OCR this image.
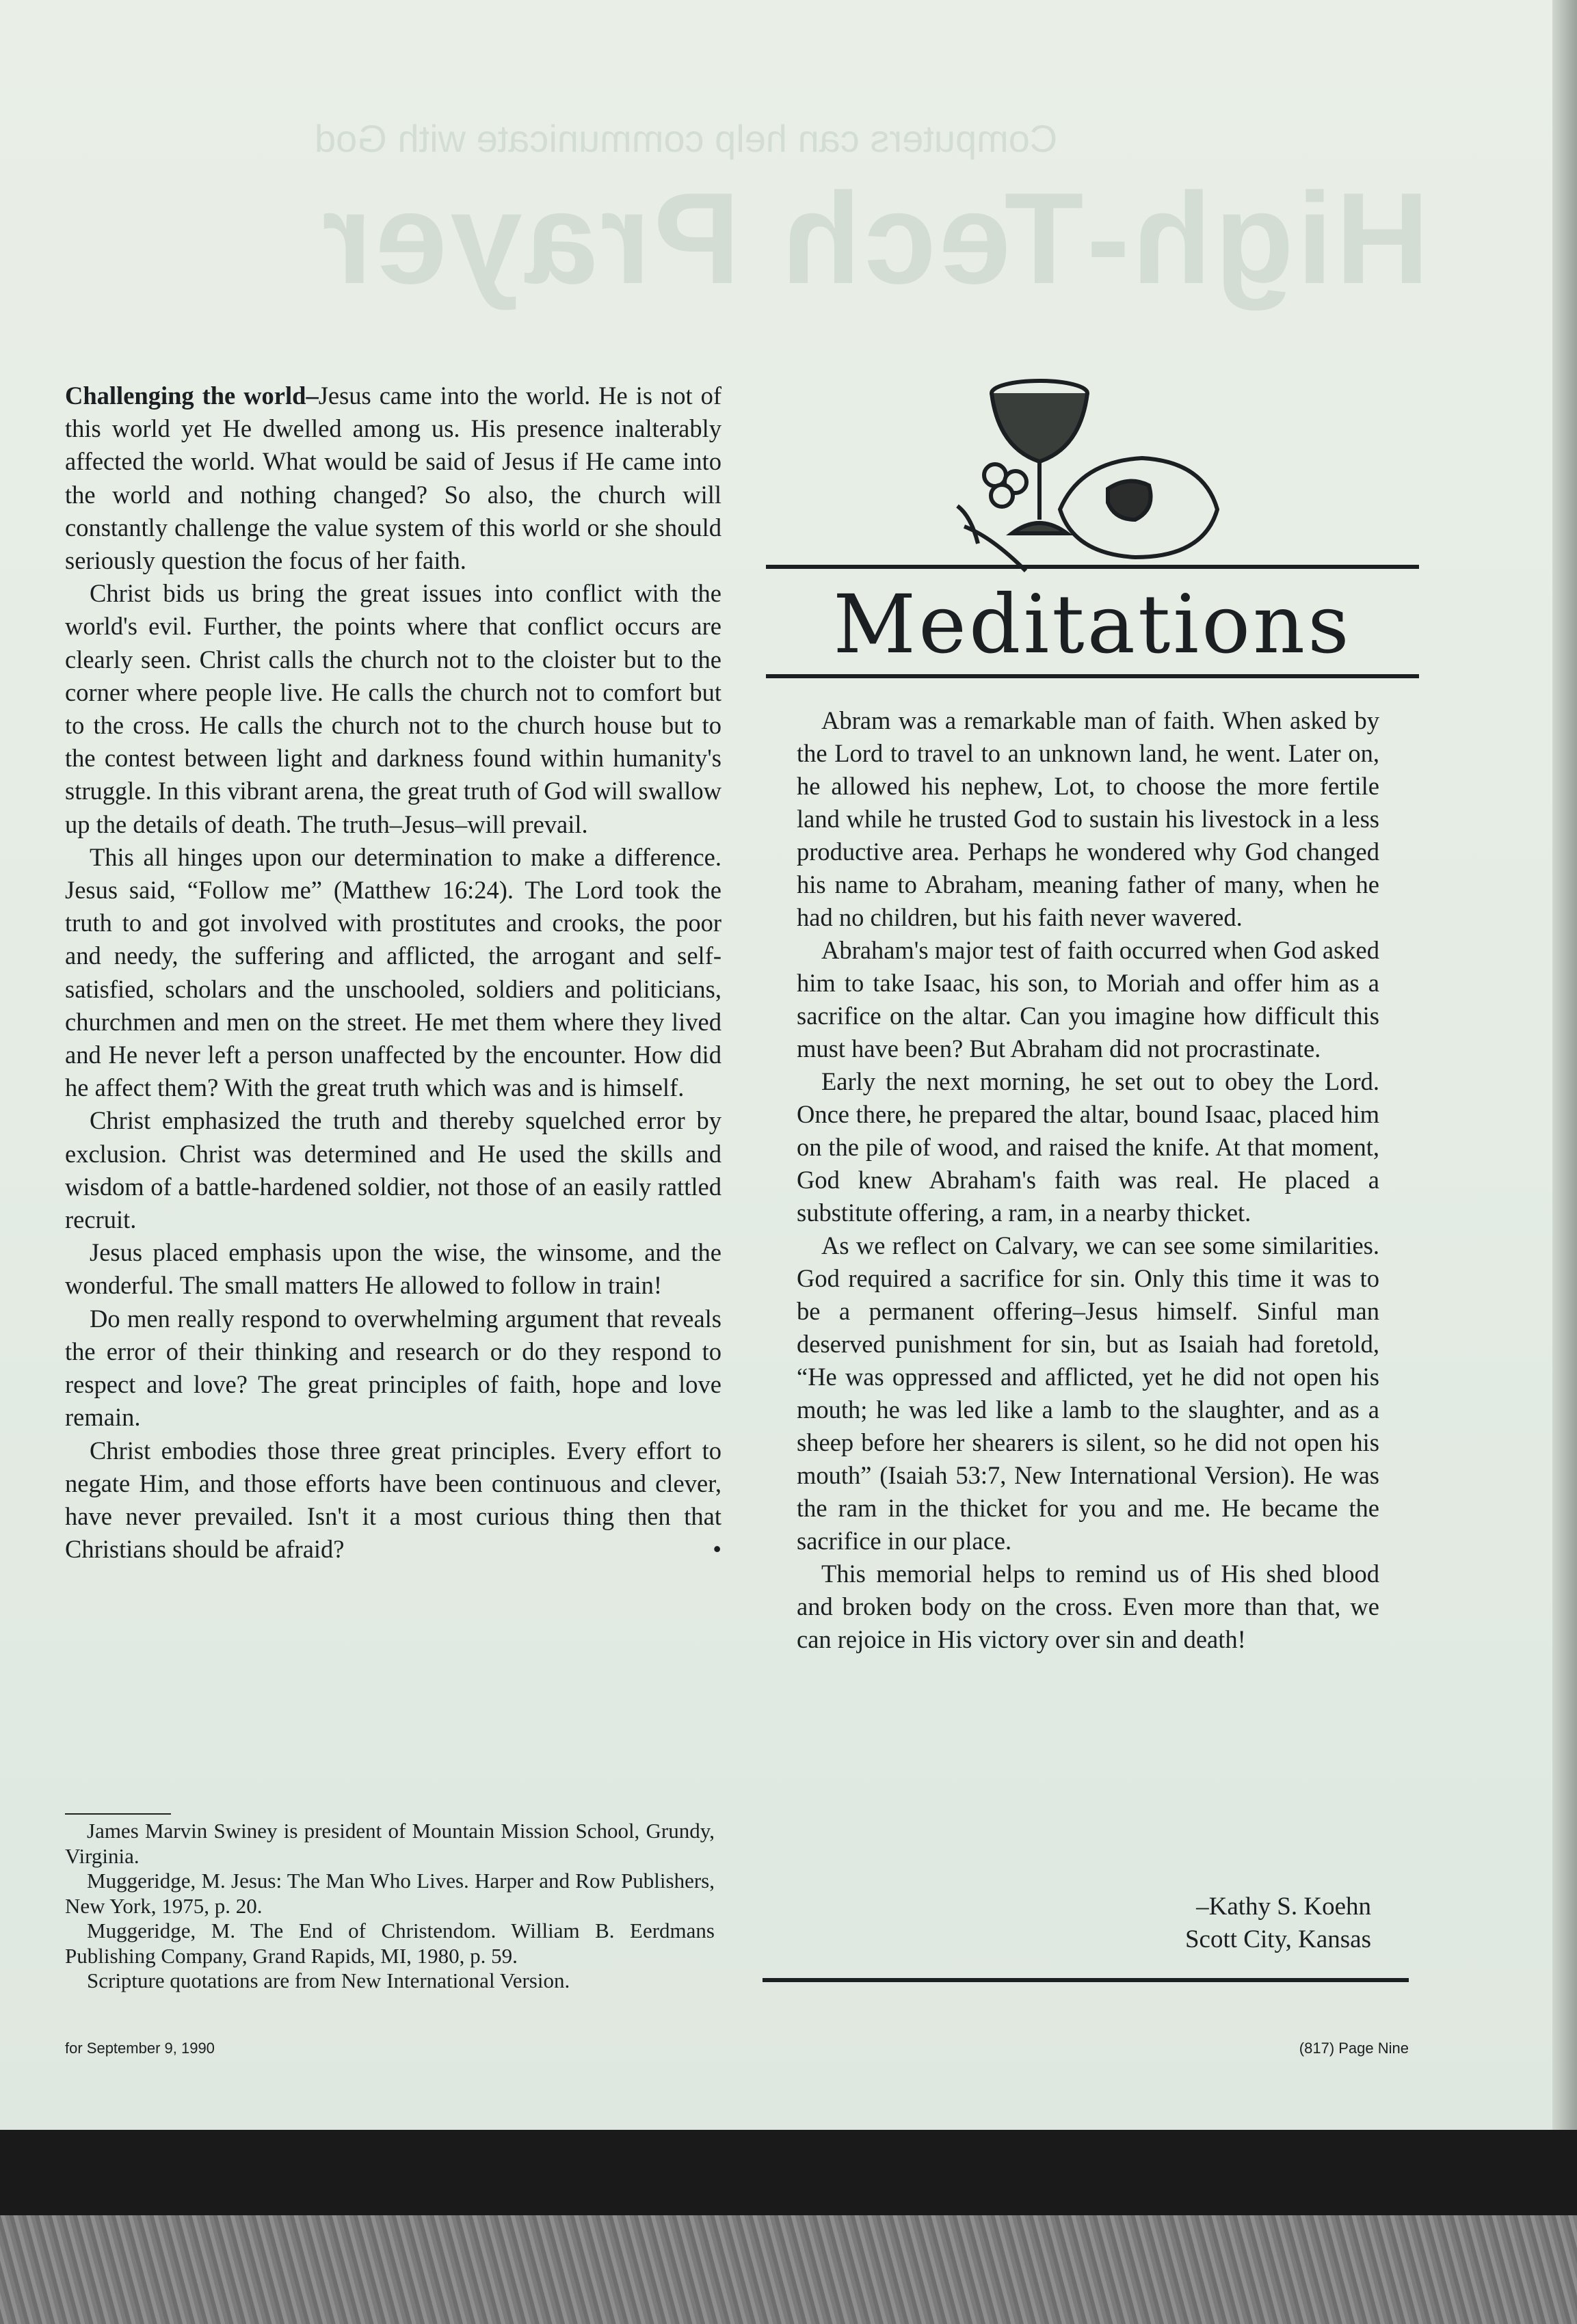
Computers can help communicate with God
High-Tech Prayer

Challenging the world–Jesus came into the world. He is not of this world yet He dwelled among us. His presence inalterably affected the world. What would be said of Jesus if He came into the world and nothing changed? So also, the church will constantly challenge the value system of this world or she should seriously question the focus of her faith.

Christ bids us bring the great issues into conflict with the world's evil. Further, the points where that conflict occurs are clearly seen. Christ calls the church not to the cloister but to the corner where people live. He calls the church not to comfort but to the cross. He calls the church not to the church house but to the contest between light and darkness found within humanity's struggle. In this vibrant arena, the great truth of God will swallow up the details of death. The truth–Jesus–will prevail.

This all hinges upon our determination to make a difference. Jesus said, “Follow me” (Matthew 16:24). The Lord took the truth to and got involved with prostitutes and crooks, the poor and needy, the suffering and afflicted, the arrogant and self-satisfied, scholars and the unschooled, soldiers and politicians, churchmen and men on the street. He met them where they lived and He never left a person unaffected by the encounter. How did he affect them? With the great truth which was and is himself.

Christ emphasized the truth and thereby squelched error by exclusion. Christ was determined and He used the skills and wisdom of a battle-hardened soldier, not those of an easily rattled recruit.

Jesus placed emphasis upon the wise, the winsome, and the wonderful. The small matters He allowed to follow in train!

Do men really respond to overwhelming argument that reveals the error of their thinking and research or do they respond to respect and love? The great principles of faith, hope and love remain.

Christ embodies those three great principles. Every effort to negate Him, and those efforts have been continuous and clever, have never prevailed. Isn't it a most curious thing then that Christians should be afraid?	•

James Marvin Swiney is president of Mountain Mission School, Grundy, Virginia.

Muggeridge, M. Jesus: The Man Who Lives. Harper and Row Publishers, New York, 1975, p. 20.

Muggeridge, M. The End of Christendom. William B. Eerdmans Publishing Company, Grand Rapids, MI, 1980, p. 59.

Scripture quotations are from New International Version.

Meditations

Abram was a remarkable man of faith. When asked by the Lord to travel to an unknown land, he went. Later on, he allowed his nephew, Lot, to choose the more fertile land while he trusted God to sustain his livestock in a less productive area. Perhaps he wondered why God changed his name to Abraham, meaning father of many, when he had no children, but his faith never wavered.

Abraham's major test of faith occurred when God asked him to take Isaac, his son, to Moriah and offer him as a sacrifice on the altar. Can you imagine how difficult this must have been? But Abraham did not procrastinate.

Early the next morning, he set out to obey the Lord. Once there, he prepared the altar, bound Isaac, placed him on the pile of wood, and raised the knife. At that moment, God knew Abraham's faith was real. He placed a substitute offering, a ram, in a nearby thicket.

As we reflect on Calvary, we can see some similarities. God required a sacrifice for sin. Only this time it was to be a permanent offering–Jesus himself. Sinful man deserved punishment for sin, but as Isaiah had foretold, “He was oppressed and afflicted, yet he did not open his mouth; he was led like a lamb to the slaughter, and as a sheep before her shearers is silent, so he did not open his mouth” (Isaiah 53:7, New International Version). He was the ram in the thicket for you and me. He became the sacrifice in our place.

This memorial helps to remind us of His shed blood and broken body on the cross. Even more than that, we can rejoice in His victory over sin and death!

–Kathy S. Koehn
Scott City, Kansas
for September 9, 1990	(817) Page Nine
